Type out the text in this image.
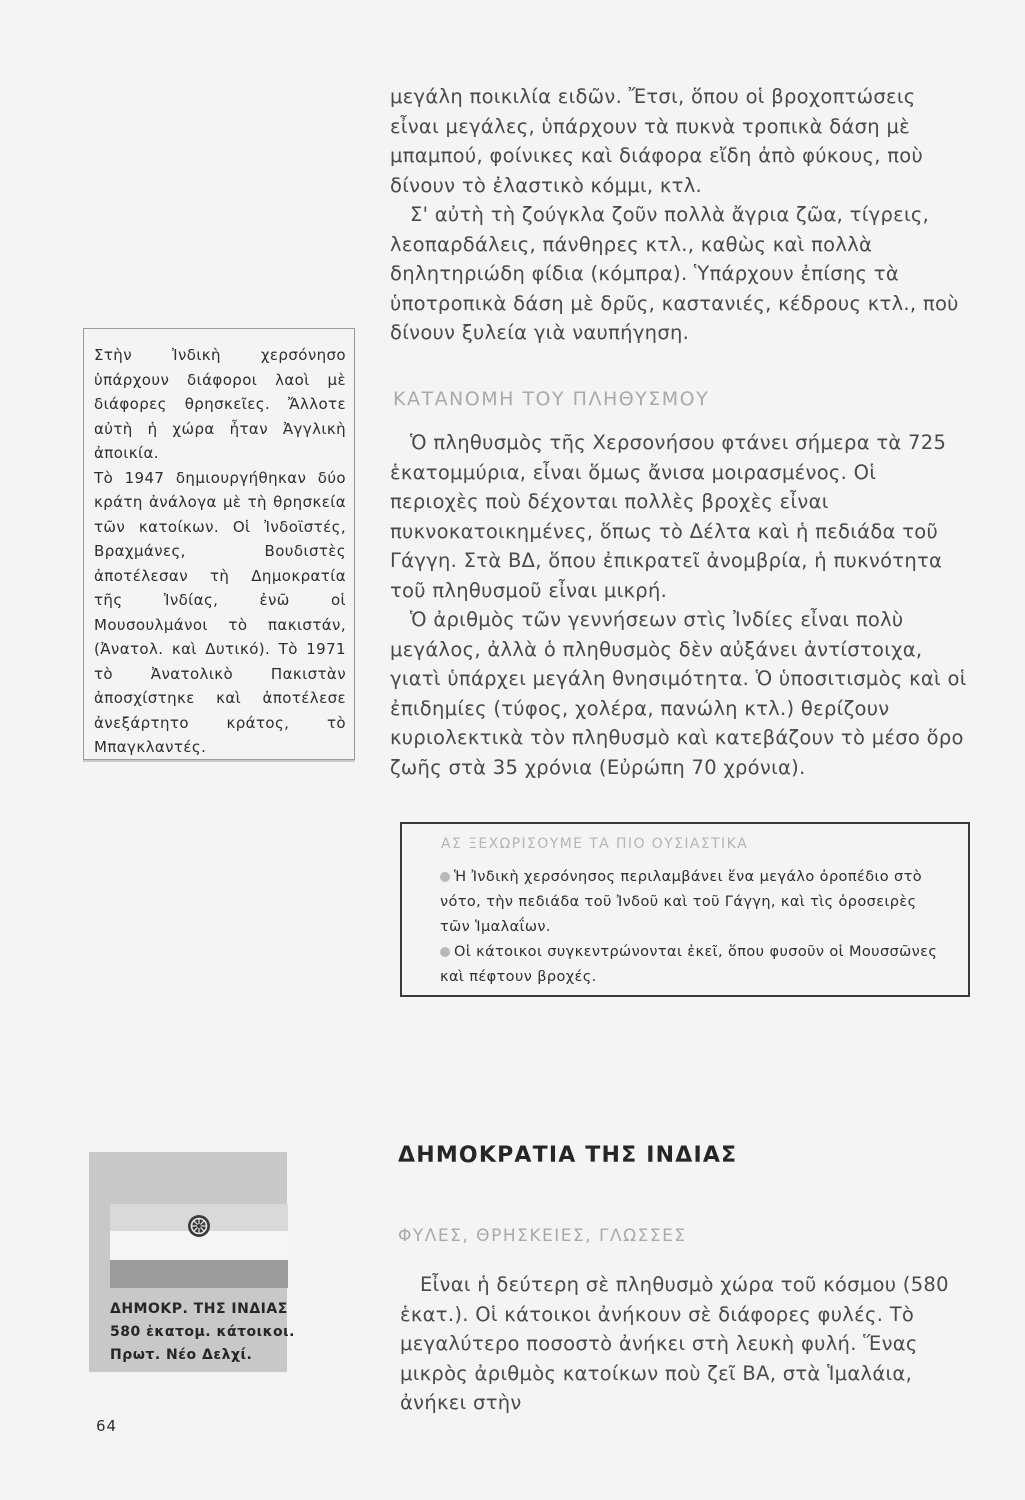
μεγάλη ποικιλία ειδῶν. Ἔτσι, ὅπου οἱ βροχοπτώσεις εἶναι μεγάλες, ὑπάρχουν τὰ πυκνὰ τροπικὰ δάση μὲ μπαμπού, φοίνικες καὶ διάφορα εἴδη ἀπὸ φύκους, ποὺ δίνουν τὸ ἐλαστικὸ κόμμι, κτλ.

Σ' αὐτὴ τὴ ζούγκλα ζοῦν πολλὰ ἄγρια ζῶα, τίγρεις, λεοπαρδάλεις, πάνθηρες κτλ., καθὼς καὶ πολλὰ δηλητηριώδη φίδια (κόμπρα). Ὑπάρχουν ἐπίσης τὰ ὑποτροπικὰ δάση μὲ δρῦς, καστανιές, κέδρους κτλ., ποὺ δίνουν ξυλεία γιὰ ναυπήγηση.

Στὴν Ἰνδικὴ χερσόνησο ὑπάρχουν διάφοροι λαοὶ μὲ διάφορες θρησκεῖες. Ἄλλοτε αὐτὴ ἡ χώρα ἦταν Ἀγγλικὴ ἀποικία.

Τὸ 1947 δημιουργήθηκαν δύο κράτη ἀνάλογα μὲ τὴ θρησκεία τῶν κατοίκων. Οἱ Ἰνδοϊστές, Βραχμάνες, Βουδιστὲς ἀποτέλεσαν τὴ Δημοκρατία τῆς Ἰνδίας, ἐνῶ οἱ Μουσουλμάνοι τὸ πακιστάν, (Ἀνατολ. καὶ Δυτικό). Τὸ 1971 τὸ Ἀνατολικὸ Πακιστὰν ἀποσχίστηκε καὶ ἀποτέλεσε ἀνεξάρτητο κράτος, τὸ Μπαγκλαντές.

ΚΑΤΑΝΟΜΗ ΤΟΥ ΠΛΗΘΥΣΜΟΥ

Ὁ πληθυσμὸς τῆς Χερσονήσου φτάνει σήμερα τὰ 725 ἑκατομμύρια, εἶναι ὅμως ἄνισα μοιρασμένος. Οἱ περιοχὲς ποὺ δέχονται πολλὲς βροχὲς εἶναι πυκνοκατοικημένες, ὅπως τὸ Δέλτα καὶ ἡ πεδιάδα τοῦ Γάγγη. Στὰ ΒΔ, ὅπου ἐπικρατεῖ ἀνομβρία, ἡ πυκνότητα τοῦ πληθυσμοῦ εἶναι μικρή.

Ὁ ἀριθμὸς τῶν γεννήσεων στὶς Ἰνδίες εἶναι πολὺ μεγάλος, ἀλλὰ ὁ πληθυσμὸς δὲν αὐξάνει ἀντίστοιχα, γιατὶ ὑπάρχει μεγάλη θνησιμότητα. Ὁ ὑποσιτισμὸς καὶ οἱ ἐπιδημίες (τύφος, χολέρα, πανώλη κτλ.) θερίζουν κυριολεκτικὰ τὸν πληθυσμὸ καὶ κατεβάζουν τὸ μέσο ὅρο ζωῆς στὰ 35 χρόνια (Εὐρώπη 70 χρόνια).

ΑΣ ΞΕΧΩΡΙΣΟΥΜΕ ΤΑ ΠΙΟ ΟΥΣΙΑΣΤΙΚΑ

Ἡ Ἰνδικὴ χερσόνησος περιλαμβάνει ἕνα μεγάλο ὀροπέδιο στὸ νότο, τὴν πεδιάδα τοῦ Ἰνδοῦ καὶ τοῦ Γάγγη, καὶ τὶς ὀροσειρὲς τῶν Ἱμαλαΐων.

Οἱ κάτοικοι συγκεντρώνονται ἐκεῖ, ὅπου φυσοῦν οἱ Μουσσῶνες καὶ πέφτουν βροχές.

ΔΗΜΟΚΡ. ΤΗΣ ΙΝΔΙΑΣ
580 ἑκατομ. κάτοικοι.
Πρωτ. Νέο Δελχί.
ΔΗΜΟΚΡΑΤΙΑ ΤΗΣ ΙΝΔΙΑΣ
ΦΥΛΕΣ, ΘΡΗΣΚΕΙΕΣ, ΓΛΩΣΣΕΣ

Εἶναι ἡ δεύτερη σὲ πληθυσμὸ χώρα τοῦ κόσμου (580 ἑκατ.). Οἱ κάτοικοι ἀνήκουν σὲ διάφορες φυλές. Τὸ μεγαλύτερο ποσοστὸ ἀνήκει στὴ λευκὴ φυλή. Ἕνας μικρὸς ἀριθμὸς κατοίκων ποὺ ζεῖ ΒΑ, στὰ Ἱμαλάια, ἀνήκει στὴν

64
